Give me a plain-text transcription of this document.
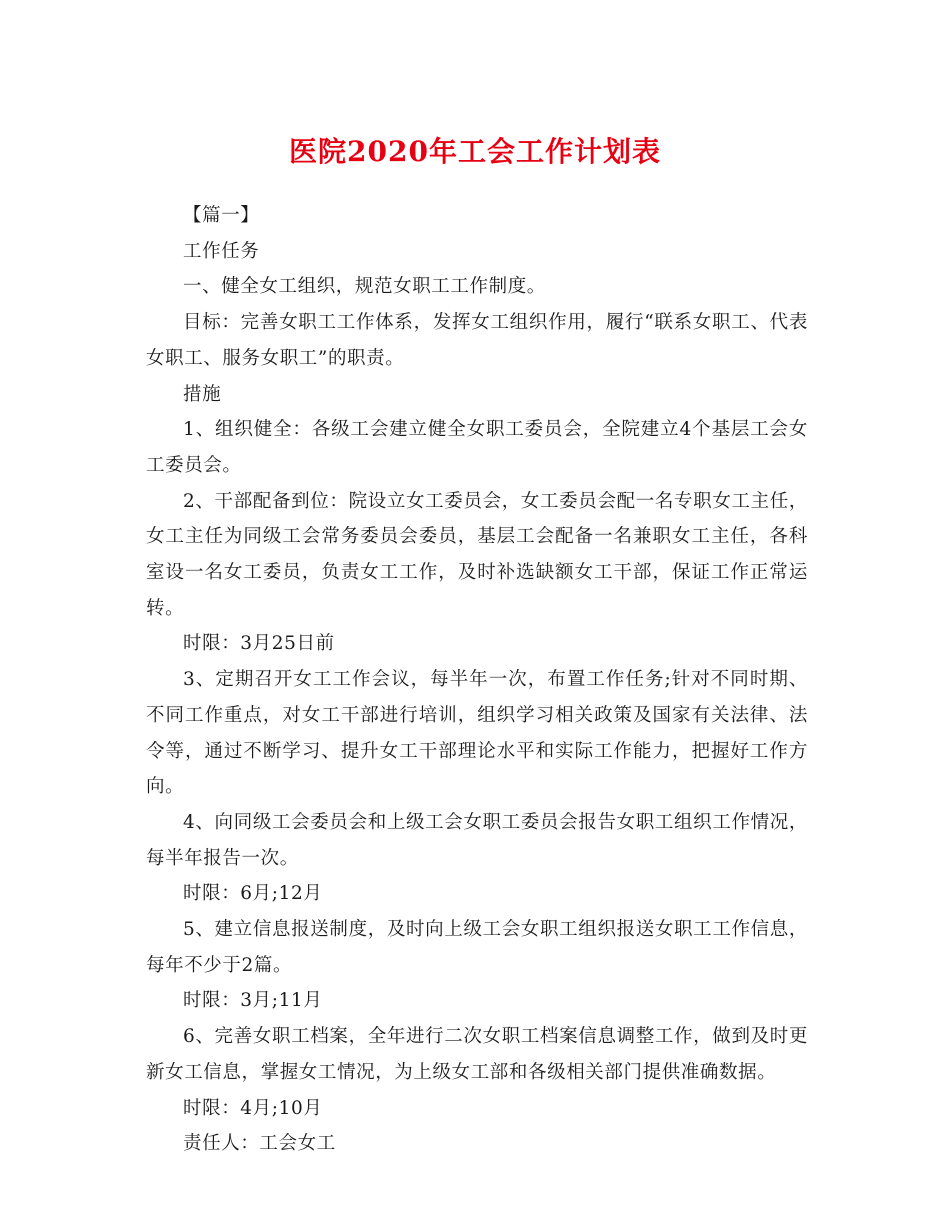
医院2020年工会工作计划表

【篇一】

工作任务

一、健全女工组织，规范女职工工作制度。

目标：完善女职工工作体系，发挥女工组织作用，履行“联系女职工、代表女职工、服务女职工”的职责。

措施

1、组织健全：各级工会建立健全女职工委员会，全院建立4个基层工会女工委员会。

2、干部配备到位：院设立女工委员会，女工委员会配一名专职女工主任，女工主任为同级工会常务委员会委员，基层工会配备一名兼职女工主任，各科室设一名女工委员，负责女工工作，及时补选缺额女工干部，保证工作正常运转。

时限：3月25日前

3、定期召开女工工作会议，每半年一次，布置工作任务;针对不同时期、不同工作重点，对女工干部进行培训，组织学习相关政策及国家有关法律、法令等，通过不断学习、提升女工干部理论水平和实际工作能力，把握好工作方向。

4、向同级工会委员会和上级工会女职工委员会报告女职工组织工作情况，每半年报告一次。

时限：6月;12月

5、建立信息报送制度，及时向上级工会女职工组织报送女职工工作信息，每年不少于2篇。

时限：3月;11月

6、完善女职工档案，全年进行二次女职工档案信息调整工作，做到及时更新女工信息，掌握女工情况，为上级女工部和各级相关部门提供准确数据。

时限：4月;10月

责任人：工会女工
